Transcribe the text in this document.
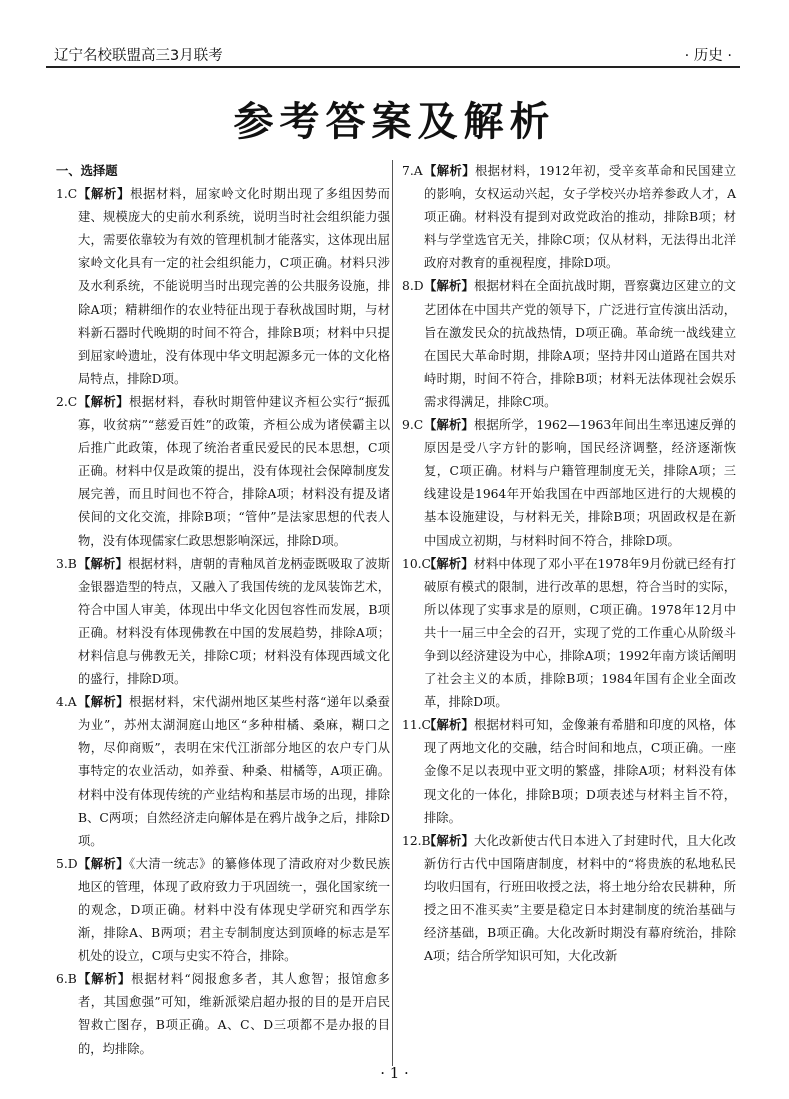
辽宁名校联盟高三3月联考	· 历史 ·
参考答案及解析
一、选择题

1.C 【解析】根据材料，屈家岭文化时期出现了多组因势而建、规模庞大的史前水利系统，说明当时社会组织能力强大，需要依靠较为有效的管理机制才能落实，这体现出屈家岭文化具有一定的社会组织能力，C项正确。材料只涉及水利系统，不能说明当时出现完善的公共服务设施，排除A项；精耕细作的农业特征出现于春秋战国时期，与材料新石器时代晚期的时间不符合，排除B项；材料中只提到屈家岭遗址，没有体现中华文明起源多元一体的文化格局特点，排除D项。

2.C 【解析】根据材料，春秋时期管仲建议齐桓公实行“振孤寡，收贫病”“慈爱百姓”的政策，齐桓公成为诸侯霸主以后推广此政策，体现了统治者重民爱民的民本思想，C项正确。材料中仅是政策的提出，没有体现社会保障制度发展完善，而且时间也不符合，排除A项；材料没有提及诸侯间的文化交流，排除B项；“管仲”是法家思想的代表人物，没有体现儒家仁政思想影响深远，排除D项。

3.B 【解析】根据材料，唐朝的青釉凤首龙柄壶既吸取了波斯金银器造型的特点，又融入了我国传统的龙凤装饰艺术，符合中国人审美，体现出中华文化因包容性而发展，B项正确。材料没有体现佛教在中国的发展趋势，排除A项；材料信息与佛教无关，排除C项；材料没有体现西域文化的盛行，排除D项。

4.A 【解析】根据材料，宋代湖州地区某些村落“递年以桑蚕为业”，苏州太湖洞庭山地区“多种柑橘、桑麻，糊口之物，尽仰商贩”，表明在宋代江浙部分地区的农户专门从事特定的农业活动，如养蚕、种桑、柑橘等，A项正确。材料中没有体现传统的产业结构和基层市场的出现，排除B、C两项；自然经济走向解体是在鸦片战争之后，排除D项。

5.D 【解析】《大清一统志》的纂修体现了清政府对少数民族地区的管理，体现了政府致力于巩固统一，强化国家统一的观念，D项正确。材料中没有体现史学研究和西学东渐，排除A、B两项；君主专制制度达到顶峰的标志是军机处的设立，C项与史实不符合，排除。

6.B 【解析】根据材料“阅报愈多者，其人愈智；报馆愈多者，其国愈强”可知，维新派梁启超办报的目的是开启民智救亡图存，B项正确。A、C、D三项都不是办报的目的，均排除。

7.A 【解析】根据材料，1912年初，受辛亥革命和民国建立的影响，女权运动兴起，女子学校兴办培养参政人才，A项正确。材料没有提到对政党政治的推动，排除B项；材料与学堂选官无关，排除C项；仅从材料，无法得出北洋政府对教育的重视程度，排除D项。

8.D 【解析】根据材料在全面抗战时期，晋察冀边区建立的文艺团体在中国共产党的领导下，广泛进行宣传演出活动，旨在激发民众的抗战热情，D项正确。革命统一战线建立在国民大革命时期，排除A项；坚持井冈山道路在国共对峙时期，时间不符合，排除B项；材料无法体现社会娱乐需求得满足，排除C项。

9.C 【解析】根据所学，1962—1963年间出生率迅速反弹的原因是受八字方针的影响，国民经济调整，经济逐渐恢复，C项正确。材料与户籍管理制度无关，排除A项；三线建设是1964年开始我国在中西部地区进行的大规模的基本设施建设，与材料无关，排除B项；巩固政权是在新中国成立初期，与材料时间不符合，排除D项。

10.C
【解析】材料中体现了邓小平在1978年9月份就已经有打破原有模式的限制，进行改革的思想，符合当时的实际，所以体现了实事求是的原则，C项正确。1978年12月中共十一届三中全会的召开，实现了党的工作重心从阶级斗争到以经济建设为中心，排除A项；1992年南方谈话阐明了社会主义的本质，排除B项；1984年国有企业全面改革，排除D项。

11.C
【解析】根据材料可知，金像兼有希腊和印度的风格，体现了两地文化的交融，结合时间和地点，C项正确。一座金像不足以表现中亚文明的繁盛，排除A项；材料没有体现文化的一体化，排除B项；D项表述与材料主旨不符，排除。

12.B
【解析】大化改新使古代日本进入了封建时代，且大化改新仿行古代中国隋唐制度，材料中的“将贵族的私地私民均收归国有，行班田收授之法，将土地分给农民耕种，所授之田不准买卖”主要是稳定日本封建制度的统治基础与经济基础，B项正确。大化改新时期没有幕府统治，排除A项；结合所学知识可知，大化改新

· 1 ·
